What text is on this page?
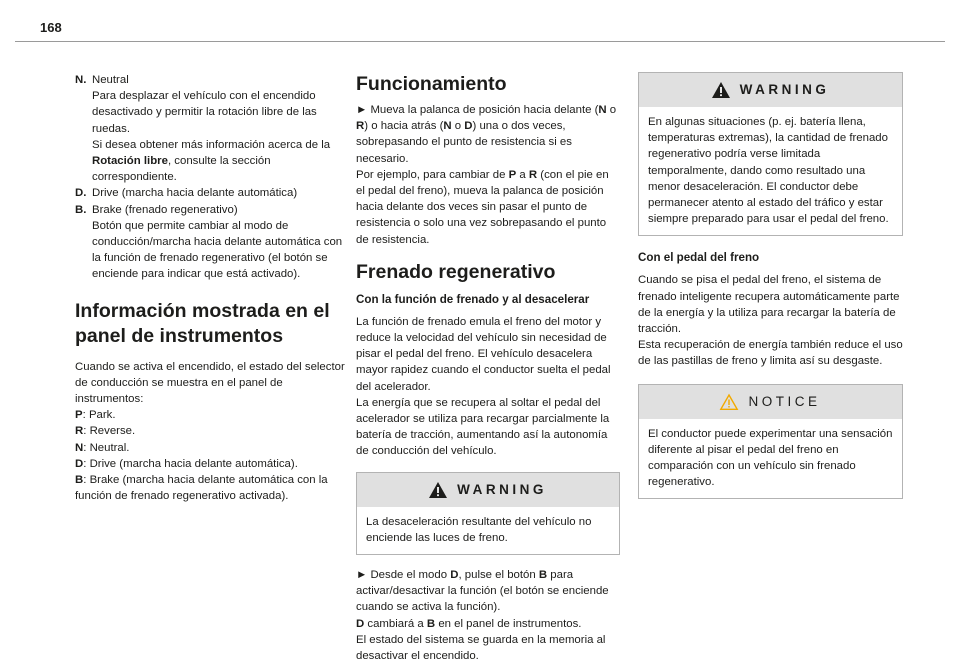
168
N. Neutral

Para desplazar el vehículo con el encendido desactivado y permitir la rotación libre de las ruedas.

Si desea obtener más información acerca de la Rotación libre, consulte la sección correspondiente.

D. Drive (marcha hacia delante automática)

B. Brake (frenado regenerativo)

Botón que permite cambiar al modo de conducción/marcha hacia delante automática con la función de frenado regenerativo (el botón se enciende para indicar que está activado).

Información mostrada en el panel de instrumentos

Cuando se activa el encendido, el estado del selector de conducción se muestra en el panel de instrumentos:

P: Park.

R: Reverse.

N: Neutral.

D: Drive (marcha hacia delante automática).

B: Brake (marcha hacia delante automática con la función de frenado regenerativo activada).

Funcionamiento

► Mueva la palanca de posición hacia delante (N o R) o hacia atrás (N o D) una o dos veces, sobrepasando el punto de resistencia si es necesario.

Por ejemplo, para cambiar de P a R (con el pie en el pedal del freno), mueva la palanca de posición hacia delante dos veces sin pasar el punto de resistencia o solo una vez sobrepasando el punto de resistencia.

Frenado regenerativo
Con la función de frenado y al desacelerar

La función de frenado emula el freno del motor y reduce la velocidad del vehículo sin necesidad de pisar el pedal del freno. El vehículo desacelera mayor rapidez cuando el conductor suelta el pedal del acelerador.

La energía que se recupera al soltar el pedal del acelerador se utiliza para recargar parcialmente la batería de tracción, aumentando así la autonomía de conducción del vehículo.

WARNING

La desaceleración resultante del vehículo no enciende las luces de freno.

► Desde el modo D, pulse el botón B para activar/desactivar la función (el botón se enciende cuando se activa la función).

D cambiará a B en el panel de instrumentos.

El estado del sistema se guarda en la memoria al desactivar el encendido.

WARNING

En algunas situaciones (p. ej. batería llena, temperaturas extremas), la cantidad de frenado regenerativo podría verse limitada temporalmente, dando como resultado una menor desaceleración. El conductor debe permanecer atento al estado del tráfico y estar siempre preparado para usar el pedal del freno.

Con el pedal del freno

Cuando se pisa el pedal del freno, el sistema de frenado inteligente recupera automáticamente parte de la energía y la utiliza para recargar la batería de tracción.

Esta recuperación de energía también reduce el uso de las pastillas de freno y limita así su desgaste.

NOTICE

El conductor puede experimentar una sensación diferente al pisar el pedal del freno en comparación con un vehículo sin frenado regenerativo.
